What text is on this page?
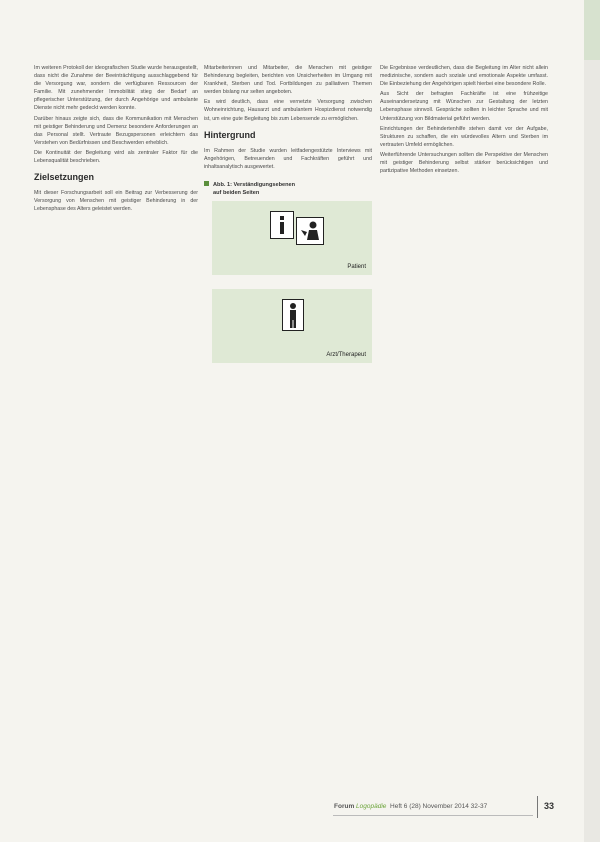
Im weiteren Protokoll der ideografischen Studie wurde herausgestellt, dass nicht die Zunahme der Beeinträchtigung ausschlaggebend für die Versorgung war, sondern die verfügbaren Ressourcen der Familie. Mit zunehmender Immobilität stieg der Bedarf an pflegerischer Unterstützung, der durch Angehörige und ambulante Dienste nicht mehr gedeckt werden konnte.

Darüber hinaus zeigte sich, dass die Kommunikation mit Menschen mit geistiger Behinderung und Demenz besondere Anforderungen an das Personal stellt. Vertraute Bezugspersonen erleichtern das Verstehen von Bedürfnissen und Beschwerden erheblich.

Die Kontinuität der Begleitung wird als zentraler Faktor für die Lebensqualität beschrieben.

Zielsetzungen

Mit dieser Forschungsarbeit soll ein Beitrag zur Verbesserung der Versorgung von Menschen mit geistiger Behinderung in der Lebensphase des Alters geleistet werden.

Mitarbeiterinnen und Mitarbeiter, die Menschen mit geistiger Behinderung begleiten, berichten von Unsicherheiten im Umgang mit Krankheit, Sterben und Tod. Fortbildungen zu palliativen Themen werden bislang nur selten angeboten.

Es wird deutlich, dass eine vernetzte Versorgung zwischen Wohneinrichtung, Hausarzt und ambulantem Hospizdienst notwendig ist, um eine gute Begleitung bis zum Lebensende zu ermöglichen.

Hintergrund

Im Rahmen der Studie wurden leitfadengestützte Interviews mit Angehörigen, Betreuenden und Fachkräften geführt und inhaltsanalytisch ausgewertet.

Abb. 1: Verständigungsebenen
auf beiden Seiten
Patient
Arzt/Therapeut

Die Ergebnisse verdeutlichen, dass die Begleitung im Alter nicht allein medizinische, sondern auch soziale und emotionale Aspekte umfasst. Die Einbeziehung der Angehörigen spielt hierbei eine besondere Rolle.

Aus Sicht der befragten Fachkräfte ist eine frühzeitige Auseinandersetzung mit Wünschen zur Gestaltung der letzten Lebensphase sinnvoll. Gespräche sollten in leichter Sprache und mit Unterstützung von Bildmaterial geführt werden.

Einrichtungen der Behindertenhilfe stehen damit vor der Aufgabe, Strukturen zu schaffen, die ein würdevolles Altern und Sterben im vertrauten Umfeld ermöglichen.

Weiterführende Untersuchungen sollten die Perspektive der Menschen mit geistiger Behinderung selbst stärker berücksichtigen und partizipative Methoden einsetzen.

Forum Logopädie Heft 6 (28) November 2014 32-37	33
